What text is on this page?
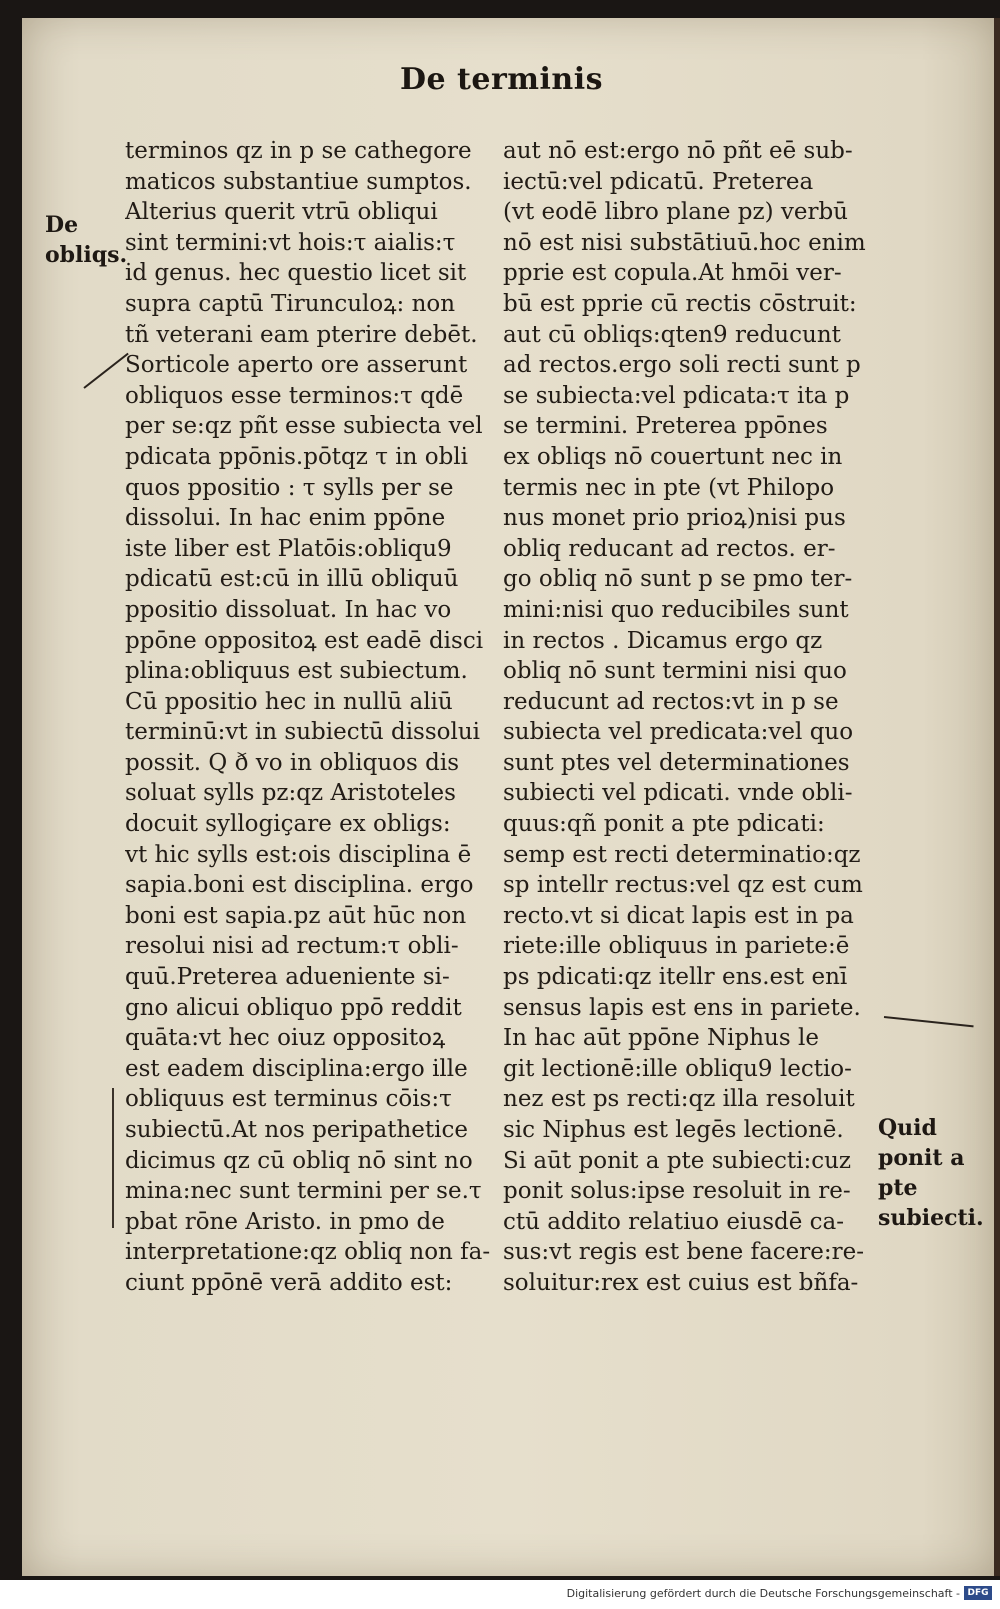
De terminis
De obliqs.
Quid ponit a pte subiecti.
terminos qz in p se cathegore
maticos substantiue sumptos.
Alterius querit vtrū obliqui
sint termini:vt hois:τ aialis:τ
id genus. hec questio licet sit
supra captū Tirunculoꝝ: non
tñ veterani eam pterire debēt.
Sorticole aperto ore asserunt
obliquos esse terminos:τ qdē
per se:qz pñt esse subiecta vel
pdicata ppōnis.pōtqz τ in obli
quos ppositio : τ sylls per se
dissolui. In hac enim ppōne
iste liber est Platōis:obliqu9
pdicatū est:cū in illū obliquū
ppositio dissoluat. In hac vo
ppōne oppositoꝝ est eadē disci
plina:obliquus est subiectum.
Cū ppositio hec in nullū aliū
terminū:vt in subiectū dissolui
possit. Q ð vo in obliquos dis
soluat sylls pz:qz Aristoteles
docuit syllogiçare ex obligs:
vt hic sylls est:ois disciplina ē
sapia.boni est disciplina. ergo
boni est sapia.pz aūt hūc non
resolui nisi ad rectum:τ obli-
quū.Preterea adueniente si-
gno alicui obliquo ppō reddit
quāta:vt hec oiuz oppositoꝝ
est eadem disciplina:ergo ille
obliquus est terminus cōis:τ
subiectū.At nos peripathetice
dicimus qz cū obliq nō sint no
mina:nec sunt termini per se.τ
pbat rōne Aristo. in pmo de
interpretatione:qz obliq non fa-
ciunt ppōnē verā addito est:
aut nō est:ergo nō pñt eē sub-
iectū:vel pdicatū. Preterea
(vt eodē libro plane pz) verbū
nō est nisi substātiuū.hoc enim
pprie est copula.At hmōi ver-
bū est pprie cū rectis cōstruit:
aut cū obliqs:qten9 reducunt
ad rectos.ergo soli recti sunt p
se subiecta:vel pdicata:τ ita p
se termini. Preterea ppōnes
ex obliqs nō couertunt nec in
termis nec in pte (vt Philopo
nus monet prio prioꝝ)nisi pus
obliq reducant ad rectos. er-
go obliq nō sunt p se pmo ter-
mini:nisi quo reducibiles sunt
in rectos . Dicamus ergo qz
obliq nō sunt termini nisi quo
reducunt ad rectos:vt in p se
subiecta vel predicata:vel quo
sunt ptes vel determinationes
subiecti vel pdicati. vnde obli-
quus:qñ ponit a pte pdicati:
semp est recti determinatio:qz
sp intellr rectus:vel qz est cum
recto.vt si dicat lapis est in pa
riete:ille obliquus in pariete:ē
ps pdicati:qz itellr ens.est enī
sensus lapis est ens in pariete.
In hac aūt ppōne Niphus le
git lectionē:ille obliqu9 lectio-
nez est ps recti:qz illa resoluit
sic Niphus est legēs lectionē.
Si aūt ponit a pte subiecti:cuz
ponit solus:ipse resoluit in re-
ctū addito relatiuo eiusdē ca-
sus:vt regis est bene facere:re-
soluitur:rex est cuius est bñfa-
Digitalisierung gefördert durch die Deutsche Forschungsgemeinschaft - DFG
